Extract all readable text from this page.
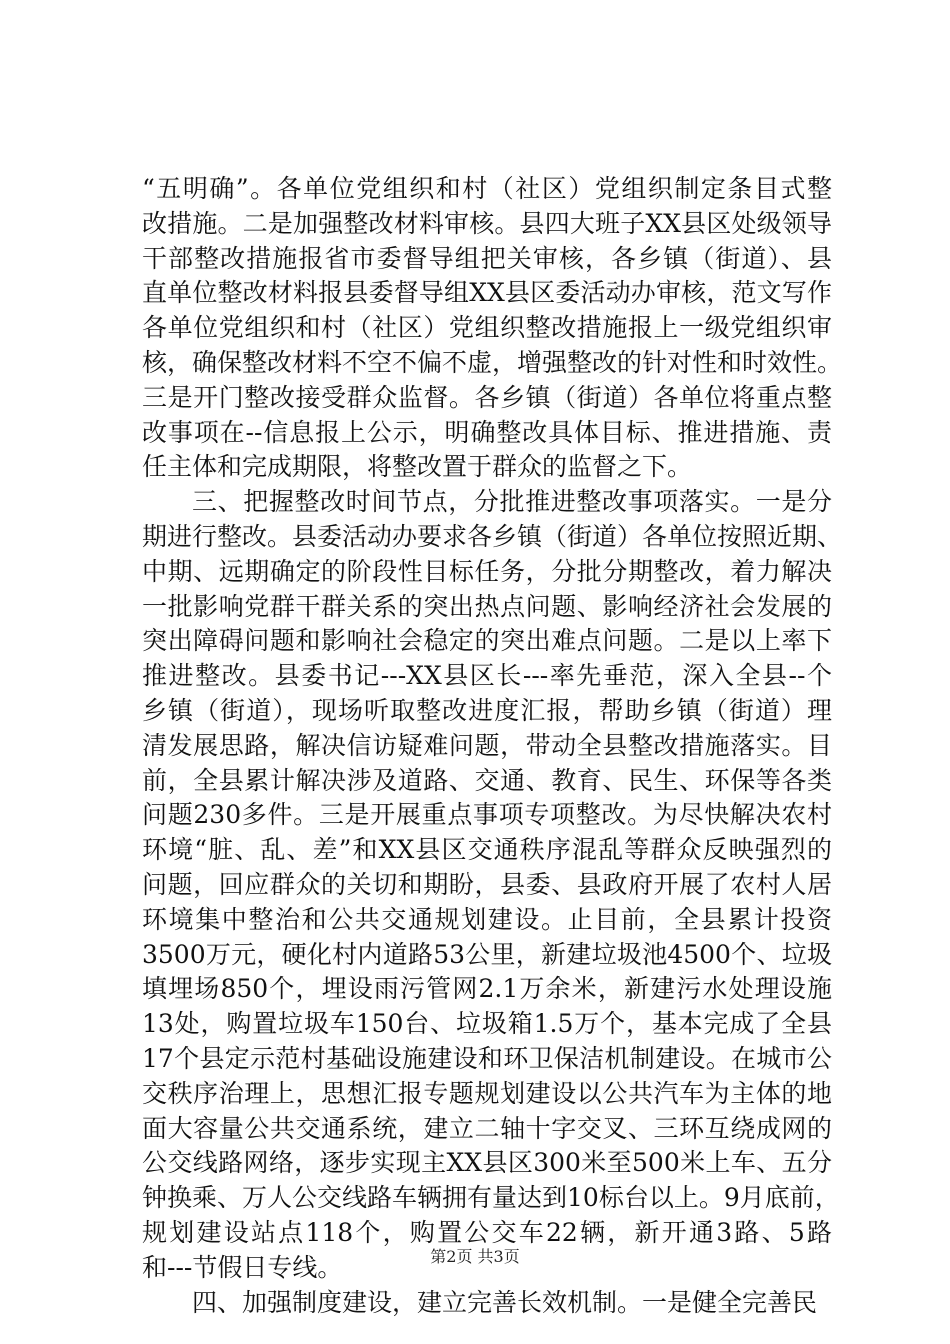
“五明确”。各单位党组织和村（社区）党组织制定条目式整
改措施。二是加强整改材料审核。县四大班子XX县区处级领导
干部整改措施报省市委督导组把关审核，各乡镇（街道）、县
直单位整改材料报县委督导组XX县区委活动办审核，范文写作
各单位党组织和村（社区）党组织整改措施报上一级党组织审
核，确保整改材料不空不偏不虚，增强整改的针对性和时效性。
三是开门整改接受群众监督。各乡镇（街道）各单位将重点整
改事项在--信息报上公示，明确整改具体目标、推进措施、责
任主体和完成期限，将整改置于群众的监督之下。
三、把握整改时间节点，分批推进整改事项落实。一是分
期进行整改。县委活动办要求各乡镇（街道）各单位按照近期、
中期、远期确定的阶段性目标任务，分批分期整改，着力解决
一批影响党群干群关系的突出热点问题、影响经济社会发展的
突出障碍问题和影响社会稳定的突出难点问题。二是以上率下
推进整改。县委书记---XX县区长---率先垂范，深入全县--个
乡镇（街道），现场听取整改进度汇报，帮助乡镇（街道）理
清发展思路，解决信访疑难问题，带动全县整改措施落实。目
前，全县累计解决涉及道路、交通、教育、民生、环保等各类
问题230多件。三是开展重点事项专项整改。为尽快解决农村
环境“脏、乱、差”和XX县区交通秩序混乱等群众反映强烈的
问题，回应群众的关切和期盼，县委、县政府开展了农村人居
环境集中整治和公共交通规划建设。止目前，全县累计投资
3500万元，硬化村内道路53公里，新建垃圾池4500个、垃圾
填埋场850个，埋设雨污管网2.1万余米，新建污水处理设施
13处，购置垃圾车150台、垃圾箱1.5万个，基本完成了全县
17个县定示范村基础设施建设和环卫保洁机制建设。在城市公
交秩序治理上，思想汇报专题规划建设以公共汽车为主体的地
面大容量公共交通系统，建立二轴十字交叉、三环互绕成网的
公交线路网络，逐步实现主XX县区300米至500米上车、五分
钟换乘、万人公交线路车辆拥有量达到10标台以上。9月底前，
规划建设站点118个，购置公交车22辆，新开通3路、5路
和---节假日专线。
四、加强制度建设，建立完善长效机制。一是健全完善民
第2页 共3页
